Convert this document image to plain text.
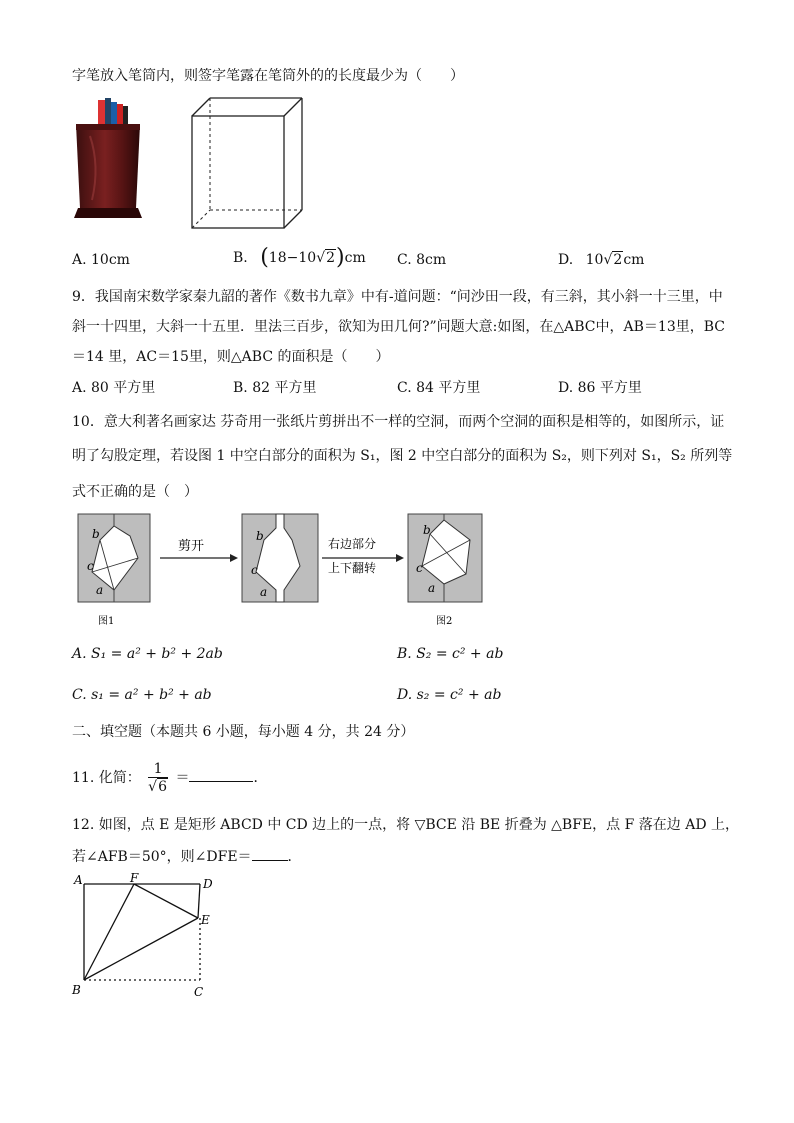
字笔放入笔筒内，则签字笔露在笔筒外的的长度最少为（　　）
A. 10cm	B. (18−10√2)cm C. 8cm	D. 10√2cm
9．我国南宋数学家秦九韶的著作《数书九章》中有-道问题：“问沙田一段，有三斜，其小斜一十三里，中
斜一十四里，大斜一十五里．里法三百步，欲知为田几何?”问题大意:如图，在△ABC中，AB＝13里，BC
＝14 里，AC＝15里，则△ABC 的面积是（　　）
A. 80 平方里	B. 82 平方里	C. 84 平方里	D. 86 平方里
10．意大利著名画家达 芬奇用一张纸片剪拼出不一样的空洞，而两个空洞的面积是相等的，如图所示，证
明了勾股定理，若设图 1 中空白部分的面积为 S₁，图 2 中空白部分的面积为 S₂，则下列对 S₁，S₂ 所列等
式不正确的是（　）
b
c
a
图1
剪开
b
c
a
右边部分
上下翻转
b
c
a
图2
A. S₁ = a² + b² + 2ab	B. S₂ = c² + ab
C. s₁ = a² + b² + ab	D. s₂ = c² + ab
二、填空题（本题共 6 小题，每小题 4 分，共 24 分）
11. 化简： $\frac{1}{√6}$ ＝	．
12. 如图，点 E 是矩形 ABCD 中 CD 边上的一点，将 ▽BCE 沿 BE 折叠为 △BFE，点 F 落在边 AD 上，
若∠AFB＝50°，则∠DFE＝	．
A	F	D
E
B	C
